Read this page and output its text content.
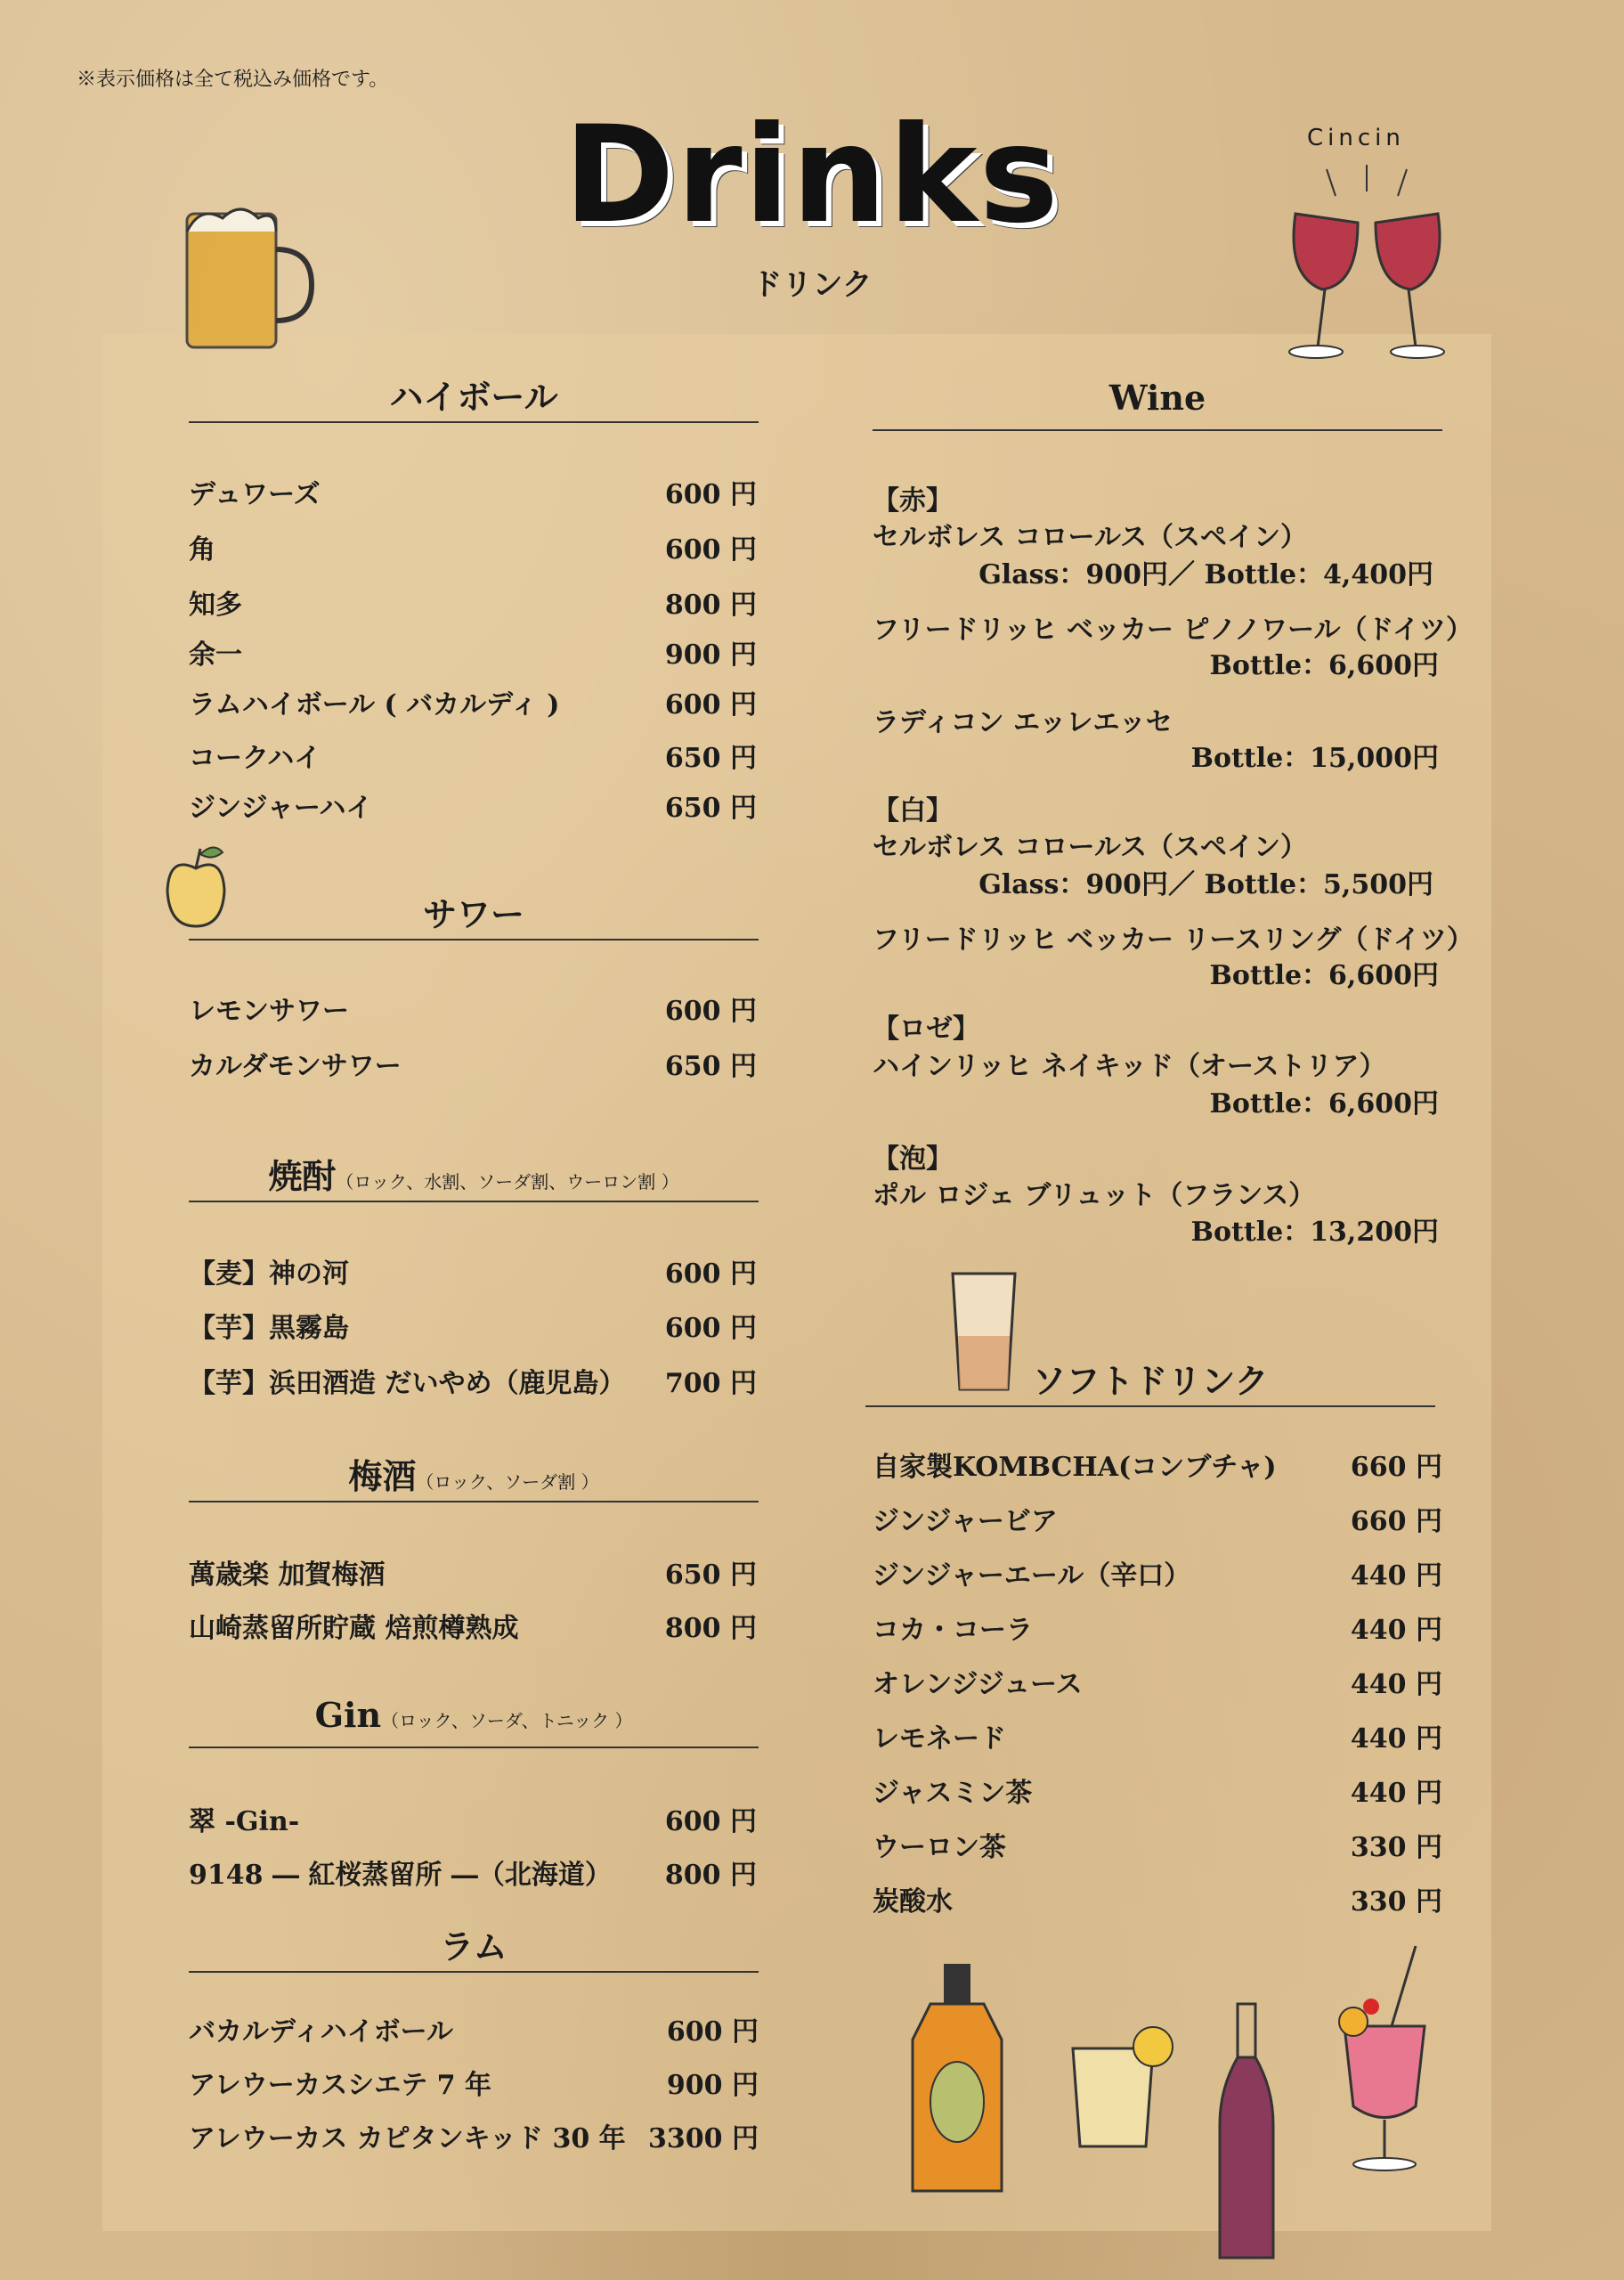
※表示価格は全て税込み価格です。
Drinks
ドリンク
Cincin
ハイボール
デュワーズ	600 円
角	600 円
知多	800 円
余一	900 円
ラムハイボール ( バカルディ )	600 円
コークハイ	650 円
ジンジャーハイ	650 円
サワー
レモンサワー	600 円
カルダモンサワー	650 円
焼酎（ロック、水割、ソーダ割、ウーロン割 ）
【麦】神の河	600 円
【芋】黒霧島	600 円
【芋】浜田酒造 だいやめ（鹿児島）	700 円
梅酒（ロック、ソーダ割 ）
萬歳楽 加賀梅酒	650 円
山崎蒸留所貯蔵 焙煎樽熟成	800 円
Gin（ロック、ソーダ、トニック ）
翠 -Gin-	600 円
9148 ― 紅桜蒸留所 ―（北海道）	800 円
ラム
バカルディハイボール	600 円
アレウーカスシエテ 7 年	900 円
アレウーカス カピタンキッド 30 年 3300 円
Wine
【赤】
セルボレス コロールス（スペイン）
Glass：900円／ Bottle：4,400円
フリードリッヒ ベッカー ピノノワール（ドイツ）
Bottle：6,600円
ラディコン エッレエッセ
Bottle：15,000円
【白】
セルボレス コロールス（スペイン）
Glass：900円／ Bottle：5,500円
フリードリッヒ ベッカー リースリング（ドイツ）
Bottle：6,600円
【ロゼ】
ハインリッヒ ネイキッド（オーストリア）
Bottle：6,600円
【泡】
ポル ロジェ ブリュット（フランス）
Bottle：13,200円
ソフトドリンク
自家製KOMBCHA(コンブチャ)	660 円
ジンジャービア	660 円
ジンジャーエール（辛口）	440 円
コカ・コーラ	440 円
オレンジジュース	440 円
レモネード	440 円
ジャスミン茶	440 円
ウーロン茶	330 円
炭酸水	330 円
